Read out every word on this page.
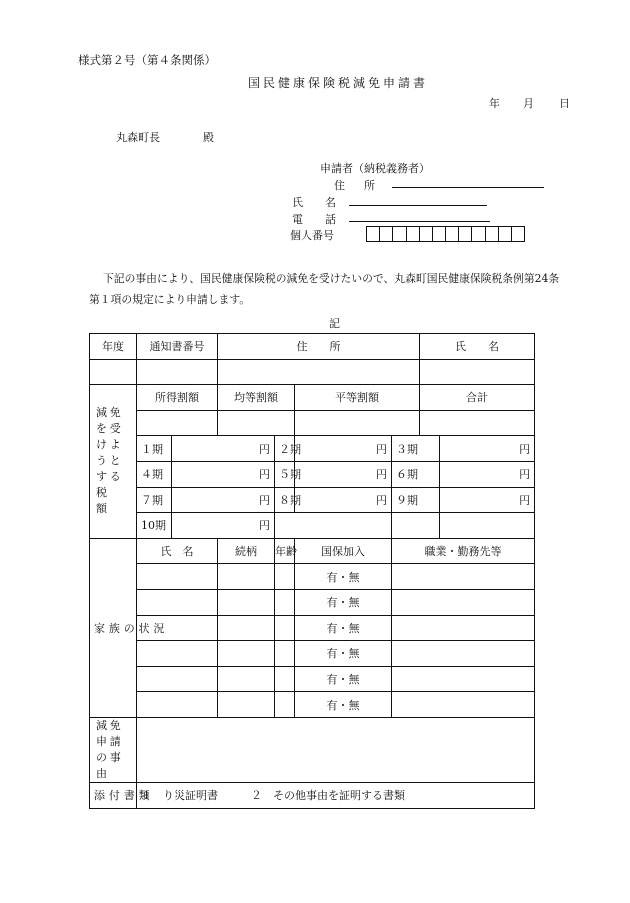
様式第２号（第４条関係）
国民健康保険税減免申請書
年 月 日
丸森町長	殿
申請者（納税義務者）
住　所
氏　　名
電　　話
個人番号
下記の事由により、国民健康保険税の減免を受けたいので、丸森町国民健康保険税条例第24条
第１項の規定により申請します。
記
年度	通知書番号		住　　所				氏　　名	

減免を受けようとする税　　額	所得割額		均等割額		平等割額		合計	

	１期	円		２期	円	３期		円
	４期	円		５期	円	６期		円
	７期	円		８期	円	９期		円
	10期	円						
家族の状況	氏　名		続柄	年齢	国保加入	職業・勤務先等		
					有・無			
					有・無			
					有・無			
					有・無			
					有・無			
					有・無			
減免申請の事　　　　由								
添付書類	１　り災証明書　　　２　その他事由を証明する書類							
